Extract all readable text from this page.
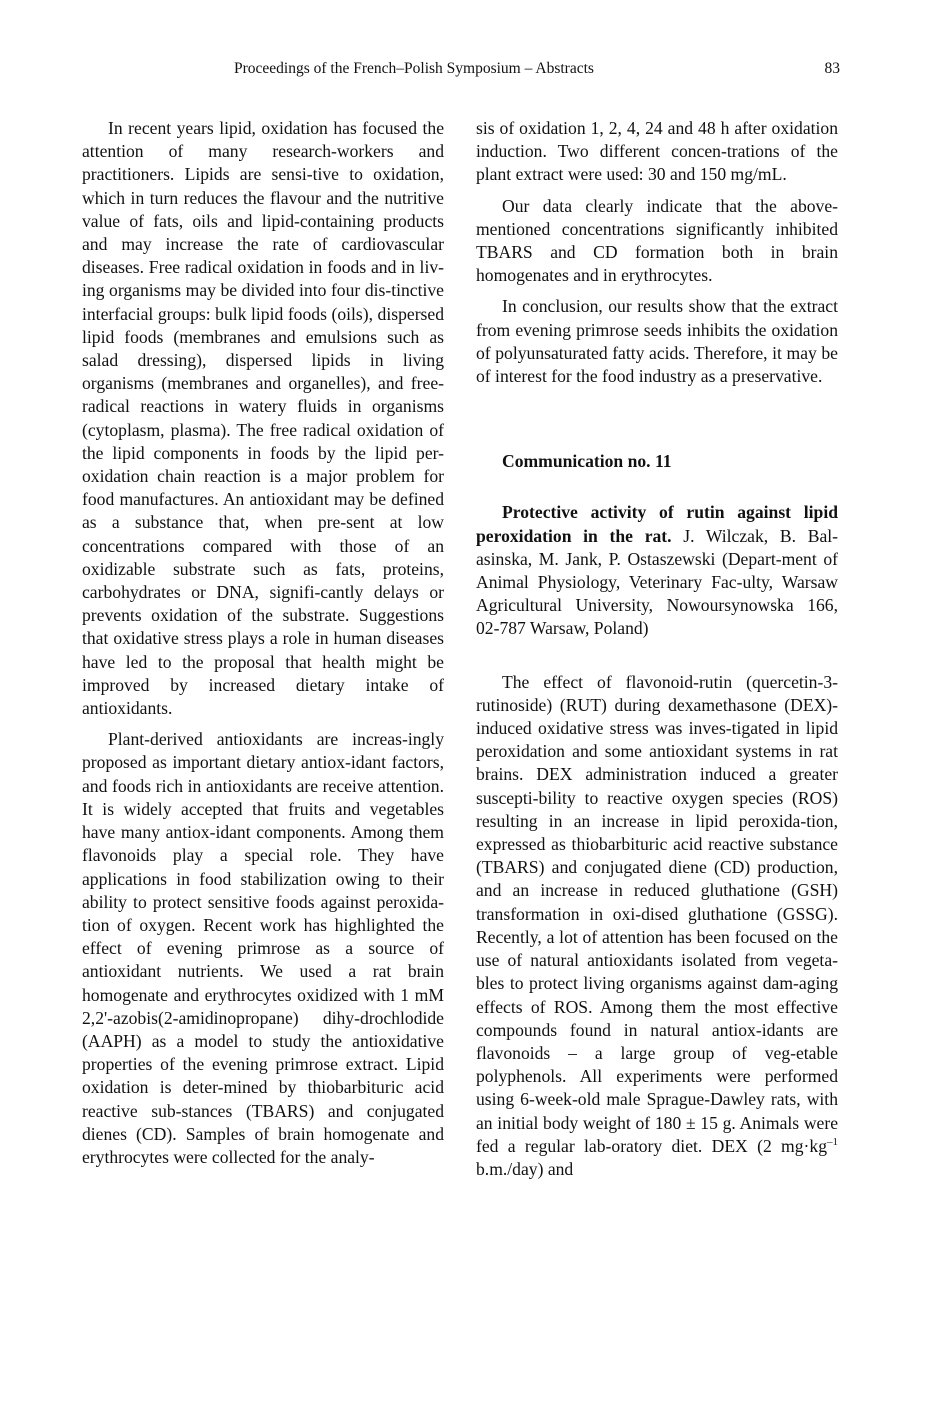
Proceedings of the French–Polish Symposium – Abstracts	83

In recent years lipid, oxidation has focused the attention of many research-workers and practitioners. Lipids are sensi-tive to oxidation, which in turn reduces the flavour and the nutritive value of fats, oils and lipid-containing products and may increase the rate of cardiovascular diseases. Free radical oxidation in foods and in liv-ing organisms may be divided into four dis-tinctive interfacial groups: bulk lipid foods (oils), dispersed lipid foods (membranes and emulsions such as salad dressing), dispersed lipids in living organisms (membranes and organelles), and free-radical reactions in watery fluids in organisms (cytoplasm, plasma). The free radical oxidation of the lipid components in foods by the lipid per-oxidation chain reaction is a major problem for food manufactures. An antioxidant may be defined as a substance that, when pre-sent at low concentrations compared with those of an oxidizable substrate such as fats, proteins, carbohydrates or DNA, signifi-cantly delays or prevents oxidation of the substrate. Suggestions that oxidative stress plays a role in human diseases have led to the proposal that health might be improved by increased dietary intake of antioxidants.

Plant-derived antioxidants are increas-ingly proposed as important dietary antiox-idant factors, and foods rich in antioxidants are receive attention. It is widely accepted that fruits and vegetables have many antiox-idant components. Among them flavonoids play a special role. They have applications in food stabilization owing to their ability to protect sensitive foods against peroxida-tion of oxygen. Recent work has highlighted the effect of evening primrose as a source of antioxidant nutrients. We used a rat brain homogenate and erythrocytes oxidized with 1 mM 2,2'-azobis(2-amidinopropane) dihy-drochlodide (AAPH) as a model to study the antioxidative properties of the evening primrose extract. Lipid oxidation is deter-mined by thiobarbituric acid reactive sub-stances (TBARS) and conjugated dienes (CD). Samples of brain homogenate and erythrocytes were collected for the analy-

sis of oxidation 1, 2, 4, 24 and 48 h after oxidation induction. Two different concen-trations of the plant extract were used: 30 and 150 mg/mL.

Our data clearly indicate that the above-mentioned concentrations significantly inhibited TBARS and CD formation both in brain homogenates and in erythrocytes.

In conclusion, our results show that the extract from evening primrose seeds inhibits the oxidation of polyunsaturated fatty acids. Therefore, it may be of interest for the food industry as a preservative.

Communication no. 11

Protective activity of rutin against lipid peroxidation in the rat. J. Wilczak, B. Bal-asinska, M. Jank, P. Ostaszewski (Depart-ment of Animal Physiology, Veterinary Fac-ulty, Warsaw Agricultural University, Nowoursynowska 166, 02-787 Warsaw, Poland)

The effect of flavonoid-rutin (quercetin-3-rutinoside) (RUT) during dexamethasone (DEX)-induced oxidative stress was inves-tigated in lipid peroxidation and some antioxidant systems in rat brains. DEX administration induced a greater suscepti-bility to reactive oxygen species (ROS) resulting in an increase in lipid peroxida-tion, expressed as thiobarbituric acid reactive substance (TBARS) and conjugated diene (CD) production, and an increase in reduced gluthatione (GSH) transformation in oxi-dised gluthatione (GSSG). Recently, a lot of attention has been focused on the use of natural antioxidants isolated from vegeta-bles to protect living organisms against dam-aging effects of ROS. Among them the most effective compounds found in natural antiox-idants are flavonoids – a large group of veg-etable polyphenols. All experiments were performed using 6-week-old male Sprague-Dawley rats, with an initial body weight of 180 ± 15 g. Animals were fed a regular lab-oratory diet. DEX (2 $mg\cdot kg^{-1}$ b.m./day) and
